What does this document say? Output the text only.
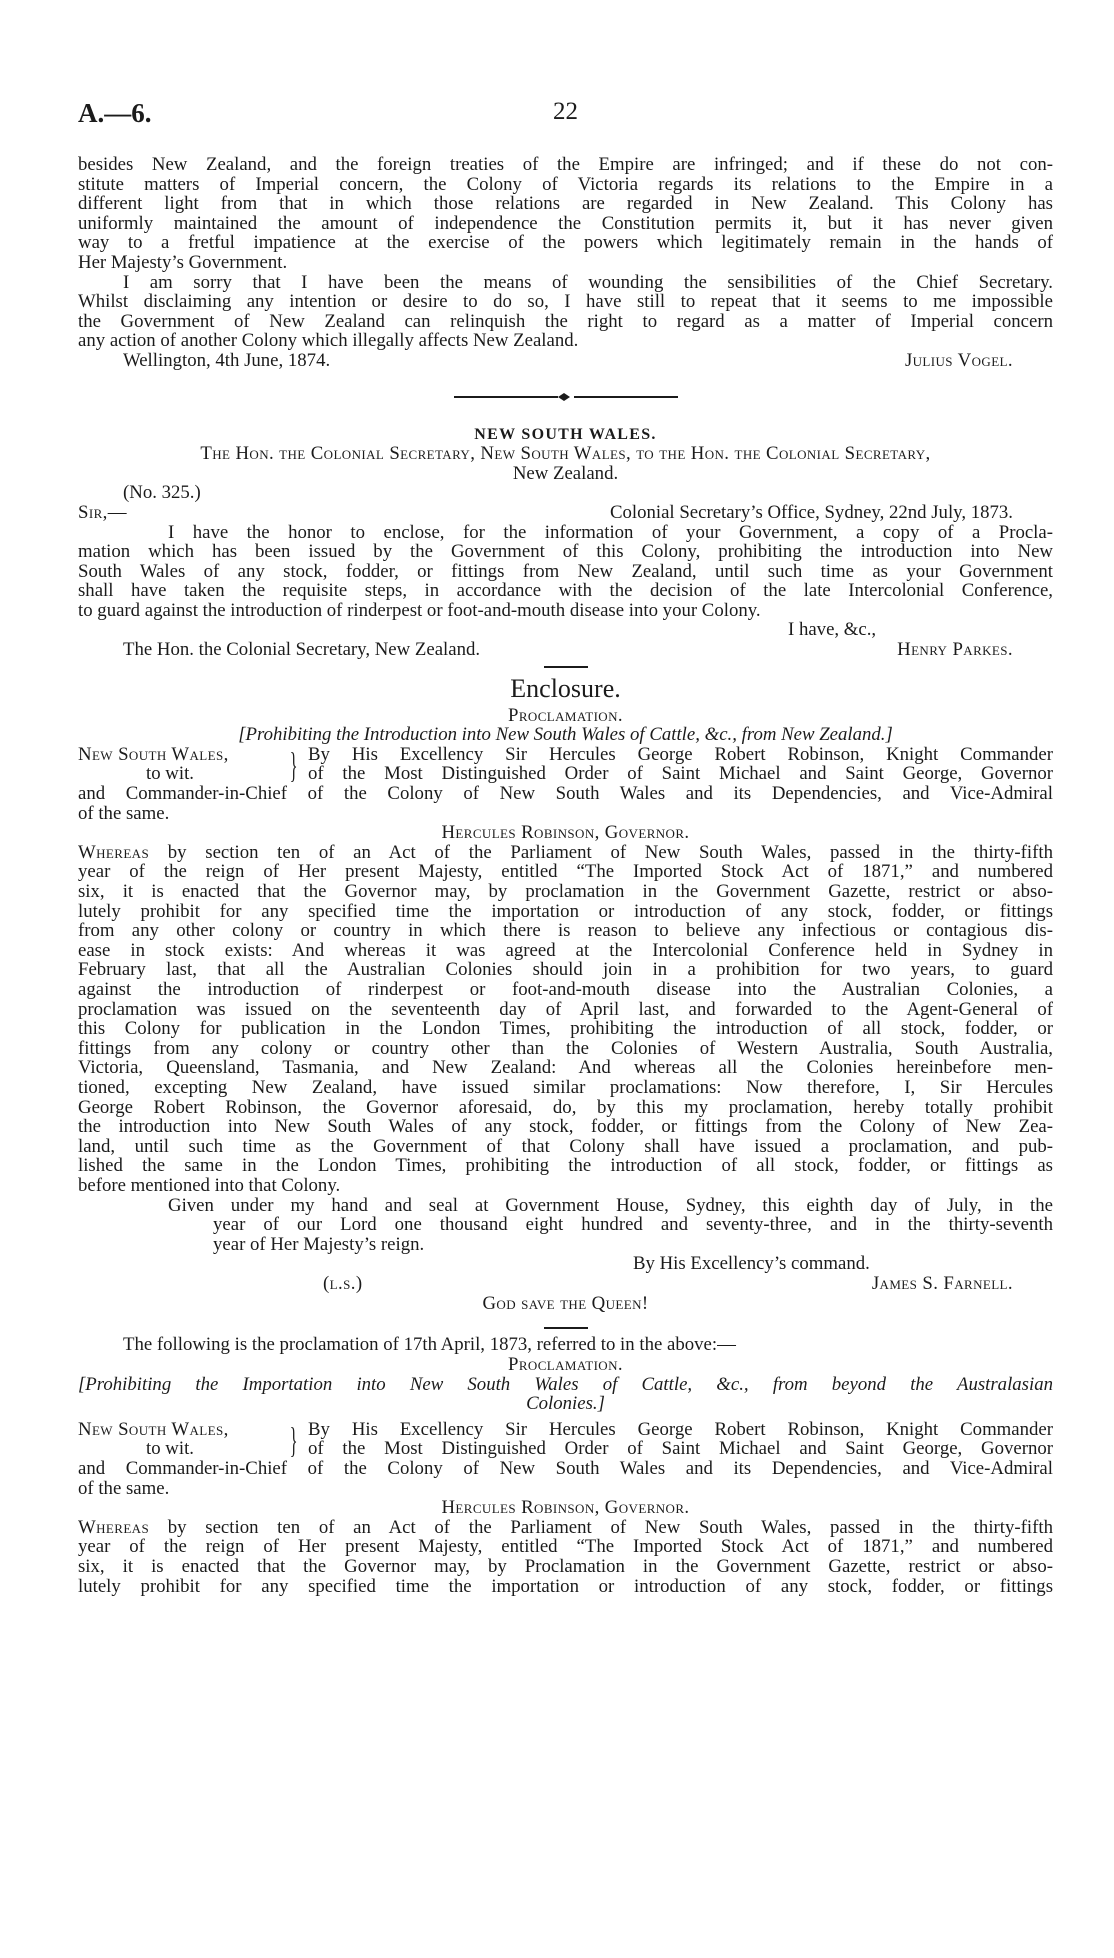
A.—6.	22
besides New Zealand, and the foreign treaties of the Empire are infringed; and if these do not con-
stitute matters of Imperial concern, the Colony of Victoria regards its relations to the Empire in a
different light from that in which those relations are regarded in New Zealand. This Colony has
uniformly maintained the amount of independence the Constitution permits it, but it has never given
way to a fretful impatience at the exercise of the powers which legitimately remain in the hands of
Her Majesty’s Government.
I am sorry that I have been the means of wounding the sensibilities of the Chief Secretary.
Whilst disclaiming any intention or desire to do so, I have still to repeat that it seems to me impossible
the Government of New Zealand can relinquish the right to regard as a matter of Imperial concern
any action of another Colony which illegally affects New Zealand.
Wellington, 4th June, 1874.	Julius Vogel.
NEW SOUTH WALES.
The Hon. the Colonial Secretary, New South Wales, to the Hon. the Colonial Secretary,
New Zealand.
(No. 325.)
Sir,—	Colonial Secretary’s Office, Sydney, 22nd July, 1873.
I have the honor to enclose, for the information of your Government, a copy of a Procla-
mation which has been issued by the Government of this Colony, prohibiting the introduction into New
South Wales of any stock, fodder, or fittings from New Zealand, until such time as your Government
shall have taken the requisite steps, in accordance with the decision of the late Intercolonial Conference,
to guard against the introduction of rinderpest or foot-and-mouth disease into your Colony.
I have, &c.,
The Hon. the Colonial Secretary, New Zealand.	Henry Parkes.
Enclosure.
Proclamation.
[Prohibiting the Introduction into New South Wales of Cattle, &c., from New Zealand.]
New South Wales,
to wit.	} By His Excellency Sir Hercules George Robert Robinson, Knight Commander
of the Most Distinguished Order of Saint Michael and Saint George, Governor
and Commander-in-Chief of the Colony of New South Wales and its Dependencies, and Vice-Admiral
of the same.
Hercules Robinson, Governor.
Whereas by section ten of an Act of the Parliament of New South Wales, passed in the thirty-fifth
year of the reign of Her present Majesty, entitled “The Imported Stock Act of 1871,” and numbered
six, it is enacted that the Governor may, by proclamation in the Government Gazette, restrict or abso-
lutely prohibit for any specified time the importation or introduction of any stock, fodder, or fittings
from any other colony or country in which there is reason to believe any infectious or contagious dis-
ease in stock exists: And whereas it was agreed at the Intercolonial Conference held in Sydney in
February last, that all the Australian Colonies should join in a prohibition for two years, to guard
against the introduction of rinderpest or foot-and-mouth disease into the Australian Colonies, a
proclamation was issued on the seventeenth day of April last, and forwarded to the Agent-General of
this Colony for publication in the London Times, prohibiting the introduction of all stock, fodder, or
fittings from any colony or country other than the Colonies of Western Australia, South Australia,
Victoria, Queensland, Tasmania, and New Zealand: And whereas all the Colonies hereinbefore men-
tioned, excepting New Zealand, have issued similar proclamations: Now therefore, I, Sir Hercules
George Robert Robinson, the Governor aforesaid, do, by this my proclamation, hereby totally prohibit
the introduction into New South Wales of any stock, fodder, or fittings from the Colony of New Zea-
land, until such time as the Government of that Colony shall have issued a proclamation, and pub-
lished the same in the London Times, prohibiting the introduction of all stock, fodder, or fittings as
before mentioned into that Colony.
Given under my hand and seal at Government House, Sydney, this eighth day of July, in the
year of our Lord one thousand eight hundred and seventy-three, and in the thirty-seventh
year of Her Majesty’s reign.
By His Excellency’s command.
(l.s.)	James S. Farnell.
God save the Queen!
The following is the proclamation of 17th April, 1873, referred to in the above:—
Proclamation.
[Prohibiting the Importation into New South Wales of Cattle, &c., from beyond the Australasian
Colonies.]
New South Wales,
to wit.	} By His Excellency Sir Hercules George Robert Robinson, Knight Commander
of the Most Distinguished Order of Saint Michael and Saint George, Governor
and Commander-in-Chief of the Colony of New South Wales and its Dependencies, and Vice-Admiral
of the same.
Hercules Robinson, Governor.
Whereas by section ten of an Act of the Parliament of New South Wales, passed in the thirty-fifth
year of the reign of Her present Majesty, entitled “The Imported Stock Act of 1871,” and numbered
six, it is enacted that the Governor may, by Proclamation in the Government Gazette, restrict or abso-
lutely prohibit for any specified time the importation or introduction of any stock, fodder, or fittings
